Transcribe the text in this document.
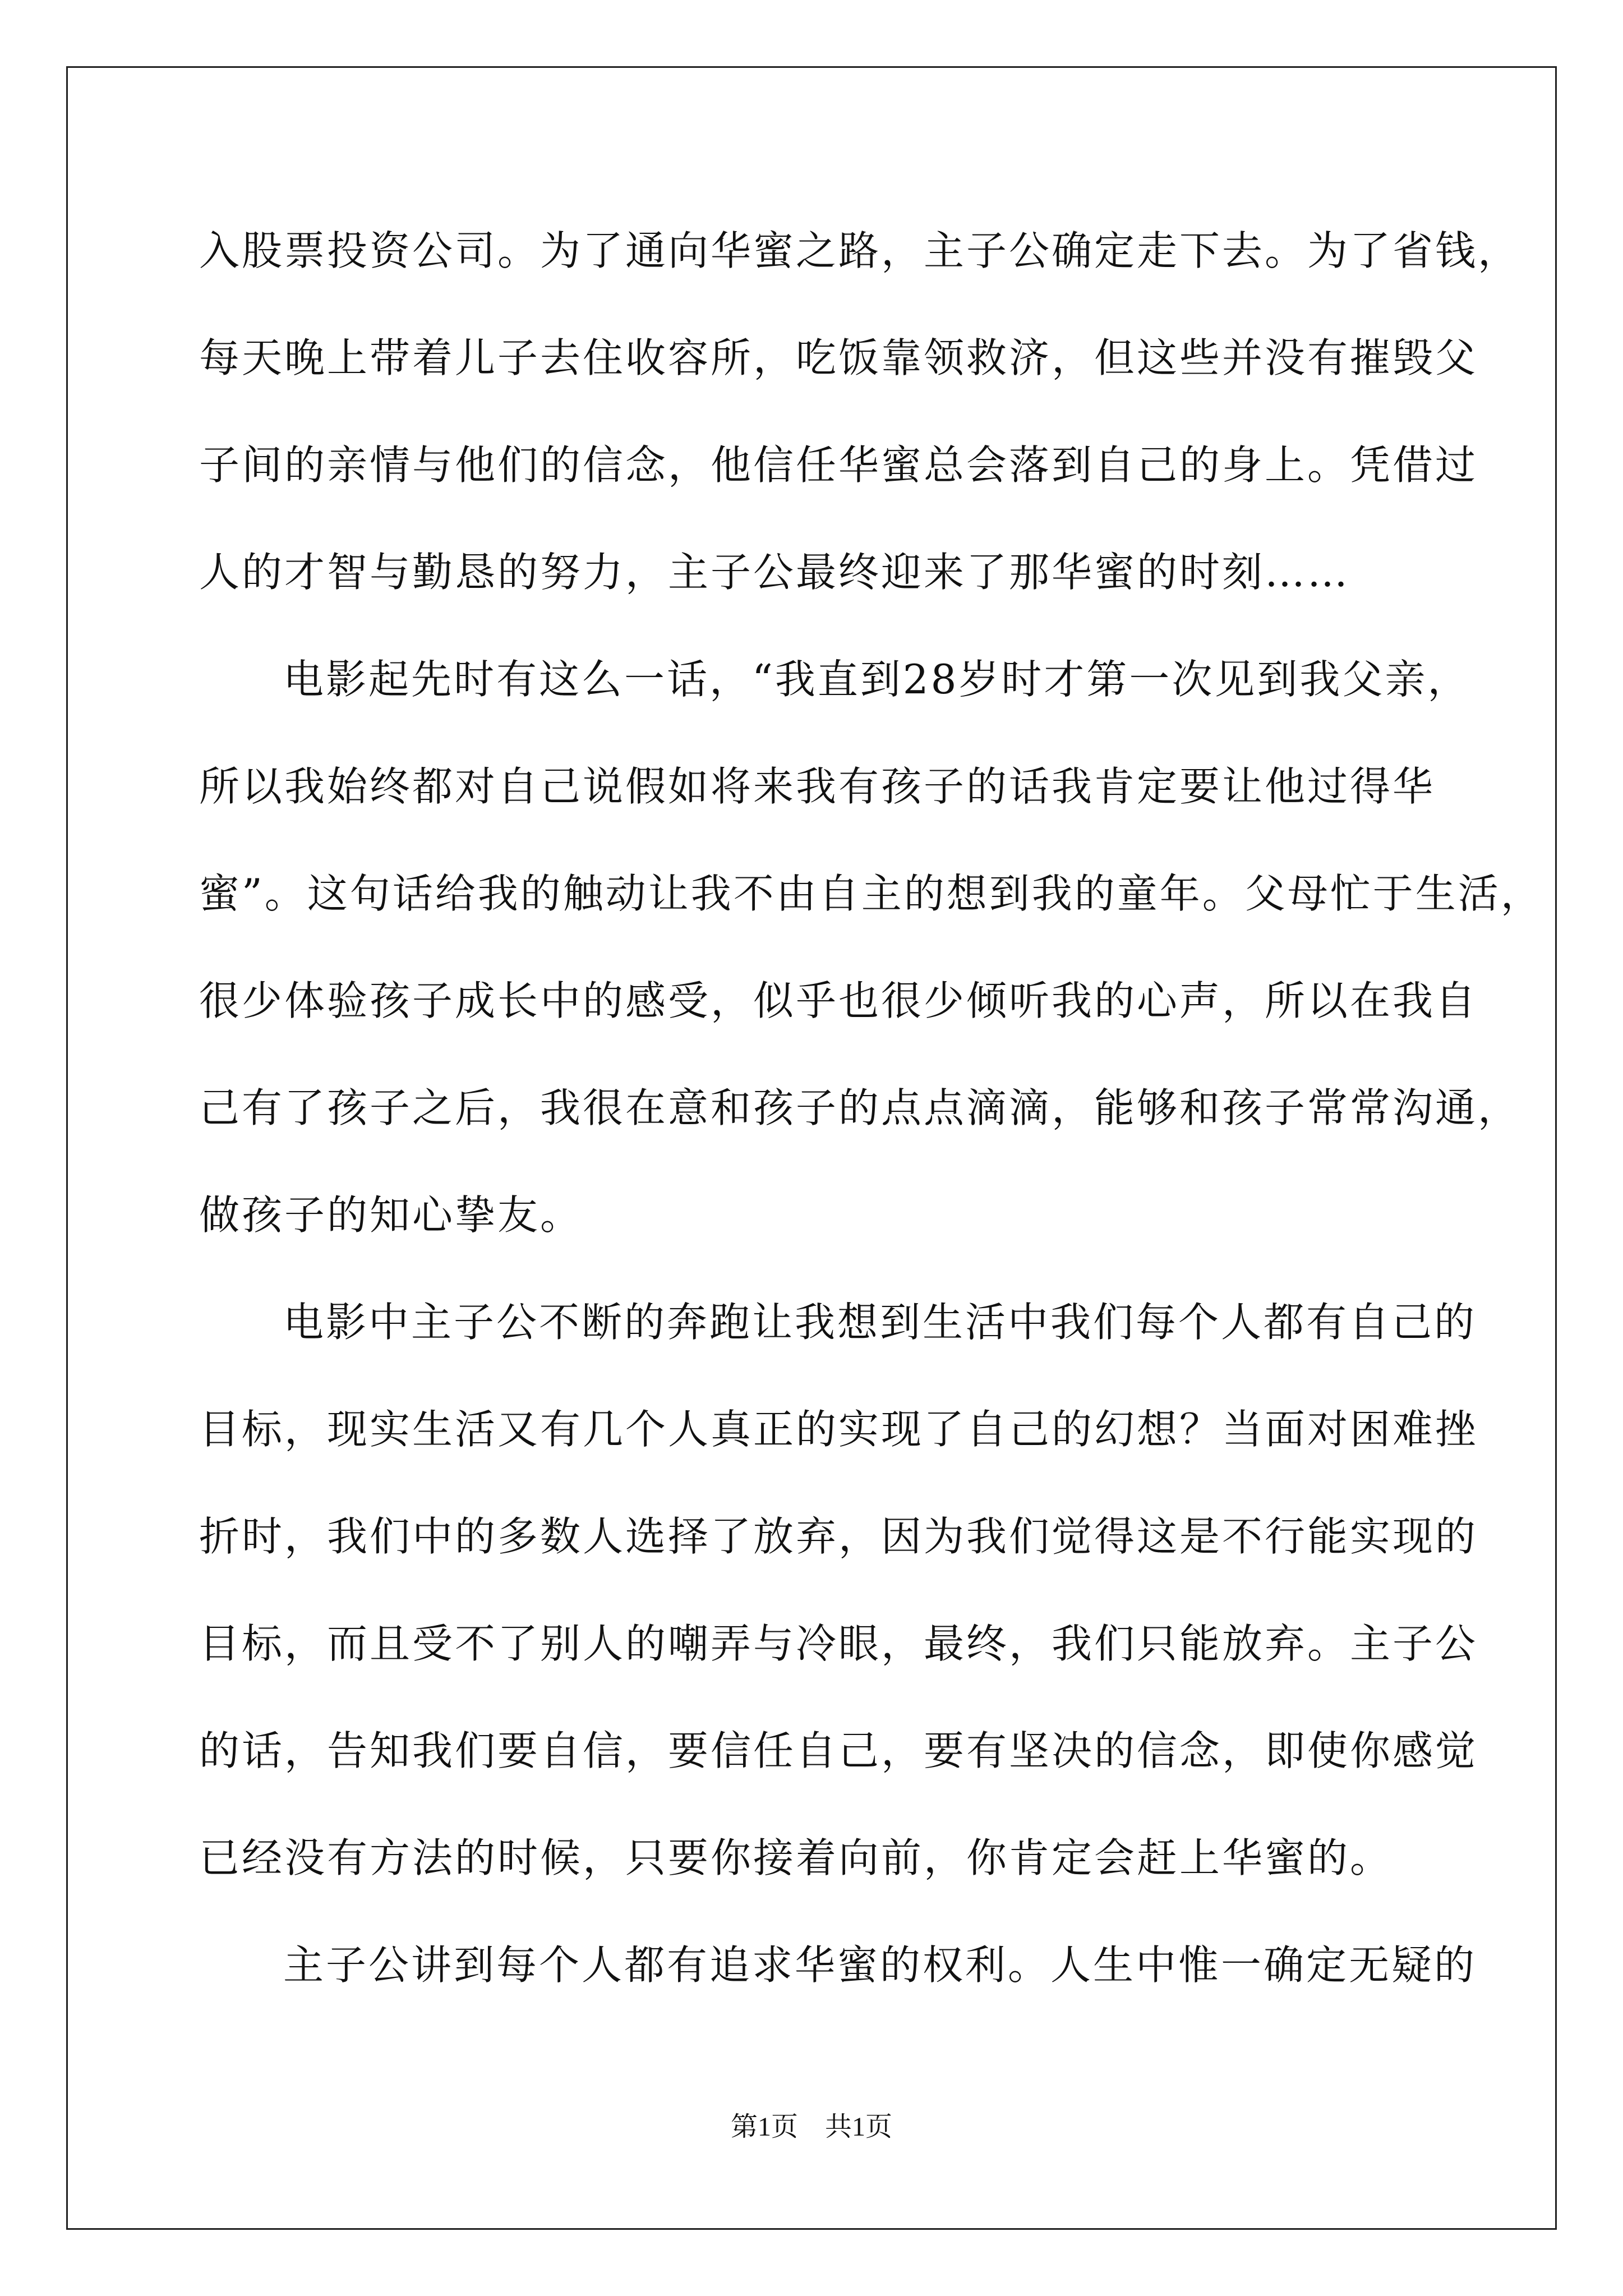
入股票投资公司。为了通向华蜜之路，主子公确定走下去。为了省钱，
每天晚上带着儿子去住收容所，吃饭靠领救济，但这些并没有摧毁父
子间的亲情与他们的信念，他信任华蜜总会落到自己的身上。凭借过
人的才智与勤恳的努力，主子公最终迎来了那华蜜的时刻……
电影起先时有这么一话，“我直到28岁时才第一次见到我父亲，
所以我始终都对自己说假如将来我有孩子的话我肯定要让他过得华
蜜”。这句话给我的触动让我不由自主的想到我的童年。父母忙于生活，
很少体验孩子成长中的感受，似乎也很少倾听我的心声，所以在我自
己有了孩子之后，我很在意和孩子的点点滴滴，能够和孩子常常沟通，
做孩子的知心挚友。
电影中主子公不断的奔跑让我想到生活中我们每个人都有自己的
目标，现实生活又有几个人真正的实现了自己的幻想？当面对困难挫
折时，我们中的多数人选择了放弃，因为我们觉得这是不行能实现的
目标，而且受不了别人的嘲弄与冷眼，最终，我们只能放弃。主子公
的话，告知我们要自信，要信任自己，要有坚决的信念，即使你感觉
已经没有方法的时候，只要你接着向前，你肯定会赶上华蜜的。
主子公讲到每个人都有追求华蜜的权利。人生中惟一确定无疑的
第1页　共1页
